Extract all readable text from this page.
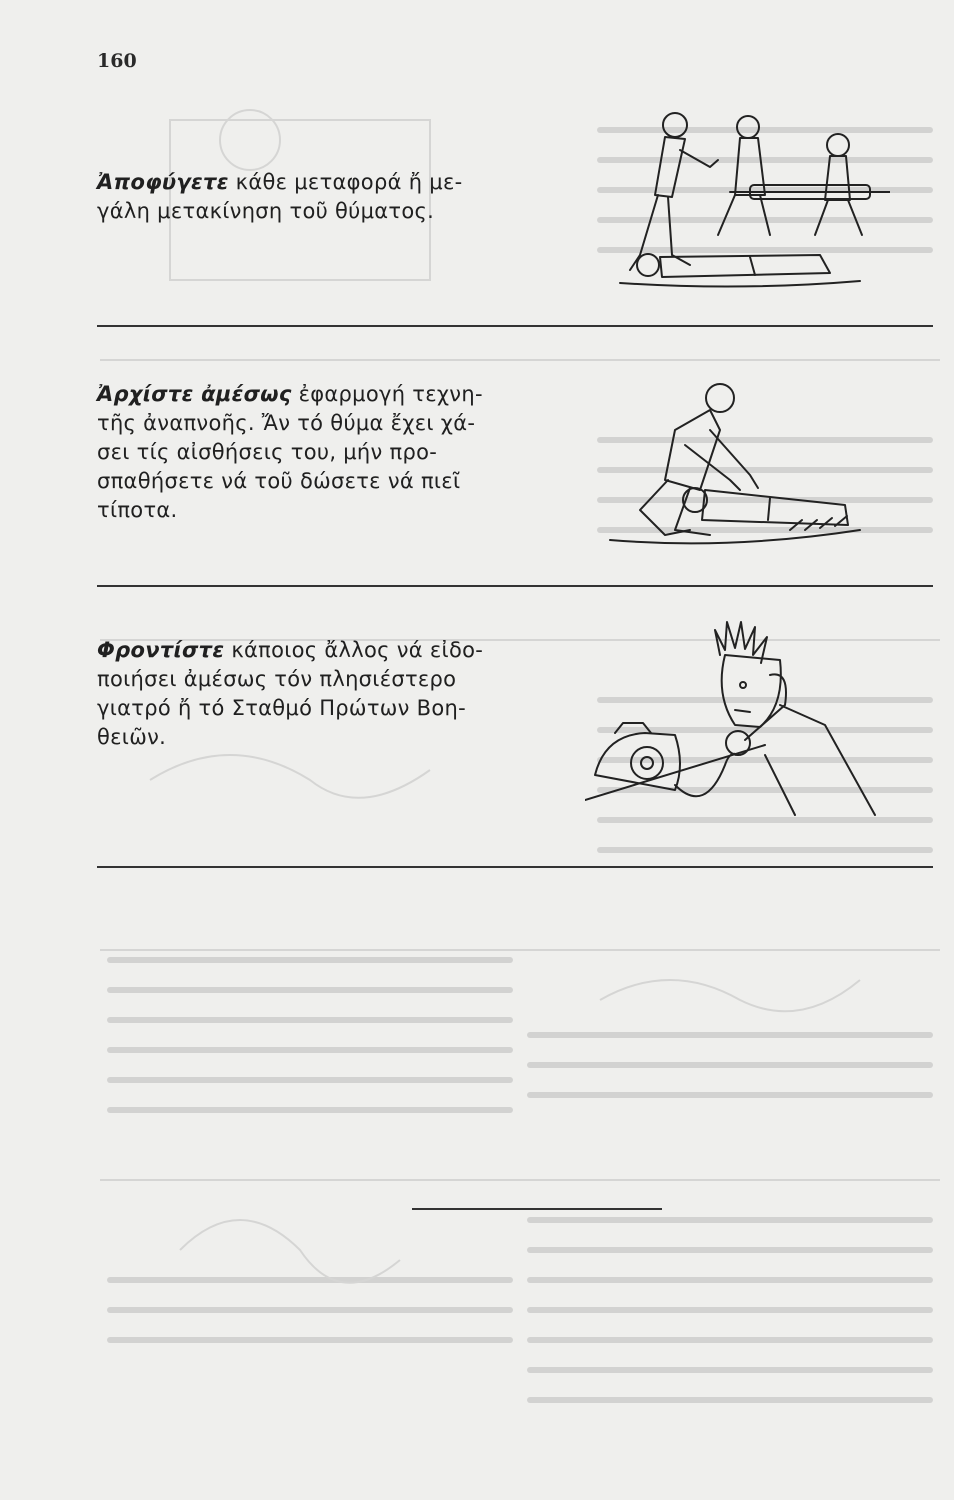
160
Ἀποφύγετε κάθε μεταφορά ἤ με-
γάλη μετακίνηση τοῦ θύματος.
Ἀρχίστε ἀμέσως ἐφαρμογή τεχνη-
τῆς ἀναπνοῆς. Ἄν τό θύμα ἔχει χά-
σει τίς αἰσθήσεις του, μήν προ-
σπαθήσετε νά τοῦ δώσετε νά πιεῖ
τίποτα.
Φροντίστε κάποιος ἄλλος νά εἰδο-
ποιήσει ἀμέσως τόν πλησιέστερο
γιατρό ἤ τό Σταθμό Πρώτων Βοη-
θειῶν.
